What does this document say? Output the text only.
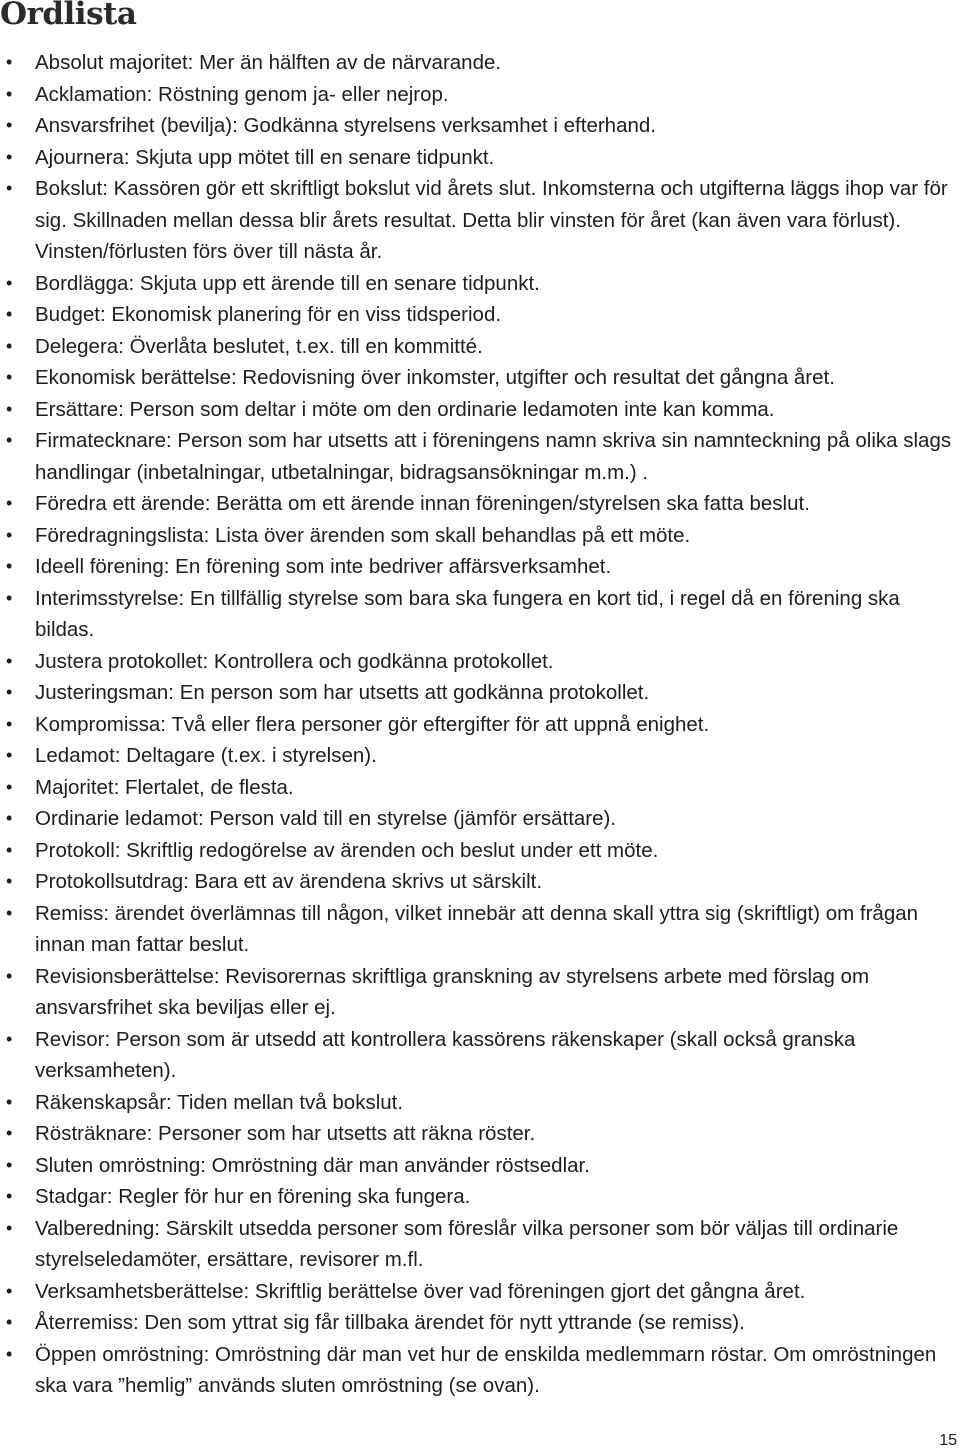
Ordlista
• Absolut majoritet: Mer än hälften av de närvarande.
• Acklamation: Röstning genom ja- eller nejrop.
• Ansvarsfrihet (bevilja): Godkänna styrelsens verksamhet i efterhand.
• Ajournera: Skjuta upp mötet till en senare tidpunkt.
• Bokslut: Kassören gör ett skriftligt bokslut vid årets slut. Inkomsterna och utgifterna läggs ihop var för sig. Skillnaden mellan dessa blir årets resultat. Detta blir vinsten för året (kan även vara förlust). Vinsten/förlusten förs över till nästa år.
• Bordlägga: Skjuta upp ett ärende till en senare tidpunkt.
• Budget: Ekonomisk planering för en viss tidsperiod.
• Delegera: Överlåta beslutet, t.ex. till en kommitté.
• Ekonomisk berättelse: Redovisning över inkomster, utgifter och resultat det gångna året.
• Ersättare: Person som deltar i möte om den ordinarie ledamoten inte kan komma.
• Firmatecknare: Person som har utsetts att i föreningens namn skriva sin namnteckning på olika slags handlingar (inbetalningar, utbetalningar, bidragsansökningar m.m.) .
• Föredra ett ärende: Berätta om ett ärende innan föreningen/styrelsen ska fatta beslut.
• Föredragningslista: Lista över ärenden som skall behandlas på ett möte.
• Ideell förening: En förening som inte bedriver affärsverksamhet.
• Interimsstyrelse: En tillfällig styrelse som bara ska fungera en kort tid, i regel då en förening ska bildas.
• Justera protokollet: Kontrollera och godkänna protokollet.
• Justeringsman: En person som har utsetts att godkänna protokollet.
• Kompromissa: Två eller flera personer gör eftergifter för att uppnå enighet.
• Ledamot: Deltagare (t.ex. i styrelsen).
• Majoritet: Flertalet, de flesta.
• Ordinarie ledamot: Person vald till en styrelse (jämför ersättare).
• Protokoll: Skriftlig redogörelse av ärenden och beslut under ett möte.
• Protokollsutdrag: Bara ett av ärendena skrivs ut särskilt.
• Remiss: ärendet överlämnas till någon, vilket innebär att denna skall yttra sig (skriftligt) om frågan innan man fattar beslut.
• Revisionsberättelse: Revisorernas skriftliga granskning av styrelsens arbete med förslag om ansvarsfrihet ska beviljas eller ej.
• Revisor: Person som är utsedd att kontrollera kassörens räkenskaper (skall också granska verksamheten).
• Räkenskapsår: Tiden mellan två bokslut.
• Rösträknare: Personer som har utsetts att räkna röster.
• Sluten omröstning: Omröstning där man använder röstsedlar.
• Stadgar: Regler för hur en förening ska fungera.
• Valberedning: Särskilt utsedda personer som föreslår vilka personer som bör väljas till ordinarie styrelseledamöter, ersättare, revisorer m.fl.
• Verksamhetsberättelse: Skriftlig berättelse över vad föreningen gjort det gångna året.
• Återremiss: Den som yttrat sig får tillbaka ärendet för nytt yttrande (se remiss).
• Öppen omröstning: Omröstning där man vet hur de enskilda medlemmarn röstar. Om omröstningen ska vara ”hemlig” används sluten omröstning (se ovan).
15
